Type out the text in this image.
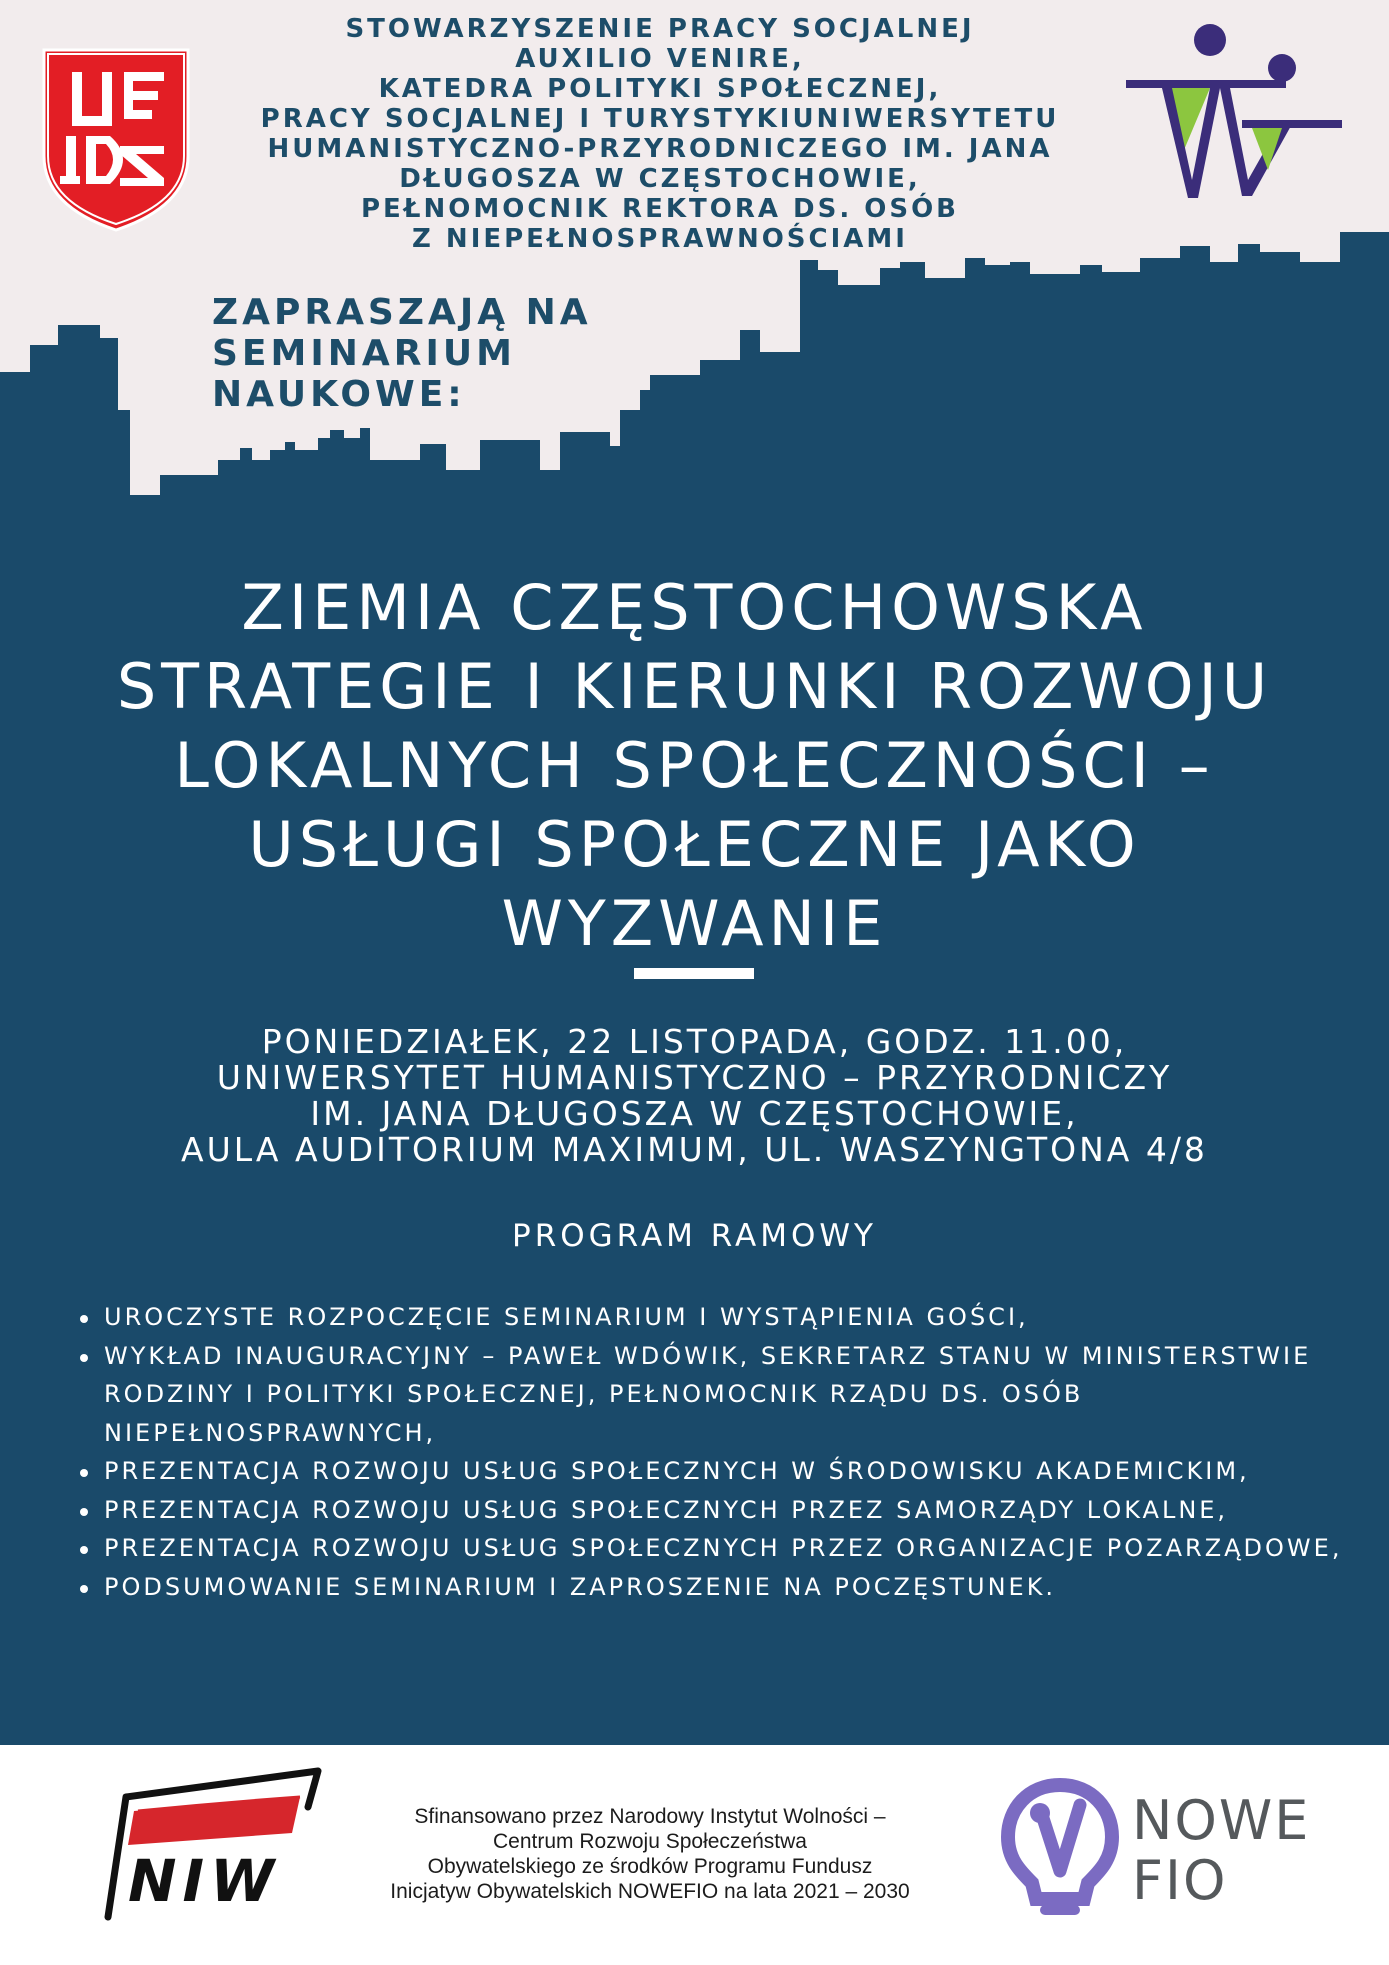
STOWARZYSZENIE PRACY SOCJALNEJ
AUXILIO VENIRE,
KATEDRA POLITYKI SPOŁECZNEJ,
PRACY SOCJALNEJ I TURYSTYKIUNIWERSYTETU
HUMANISTYCZNO-PRZYRODNICZEGO IM. JANA
DŁUGOSZA W CZĘSTOCHOWIE,
PEŁNOMOCNIK REKTORA DS. OSÓB
Z NIEPEŁNOSPRAWNOŚCIAMI

ZAPRASZAJĄ NA
SEMINARIUM
NAUKOWE:

ZIEMIA CZĘSTOCHOWSKA
STRATEGIE I KIERUNKI ROZWOJU
LOKALNYCH SPOŁECZNOŚCI –
USŁUGI SPOŁECZNE JAKO
WYZWANIE

PONIEDZIAŁEK, 22 LISTOPADA, GODZ. 11.00,
UNIWERSYTET HUMANISTYCZNO – PRZYRODNICZY
IM. JANA DŁUGOSZA W CZĘSTOCHOWIE,
AULA AUDITORIUM MAXIMUM, UL. WASZYNGTONA 4/8

PROGRAM RAMOWY
UROCZYSTE ROZPOCZĘCIE SEMINARIUM I WYSTĄPIENIA GOŚCI,
WYKŁAD INAUGURACYJNY – PAWEŁ WDÓWIK, SEKRETARZ STANU W MINISTERSTWIE RODZINY I POLITYKI SPOŁECZNEJ, PEŁNOMOCNIK RZĄDU DS. OSÓB NIEPEŁNOSPRAWNYCH,
PREZENTACJA ROZWOJU USŁUG SPOŁECZNYCH W ŚRODOWISKU AKADEMICKIM,
PREZENTACJA ROZWOJU USŁUG SPOŁECZNYCH PRZEZ SAMORZĄDY LOKALNE,
PREZENTACJA ROZWOJU USŁUG SPOŁECZNYCH PRZEZ ORGANIZACJE POZARZĄDOWE,
PODSUMOWANIE SEMINARIUM I ZAPROSZENIE NA POCZĘSTUNEK.

NIW

Sfinansowano przez Narodowy Instytut Wolności –
Centrum Rozwoju Społeczeństwa
Obywatelskiego ze środków Programu Fundusz
Inicjatyw Obywatelskich NOWEFIO na lata 2021 – 2030

NOWE
FIO
